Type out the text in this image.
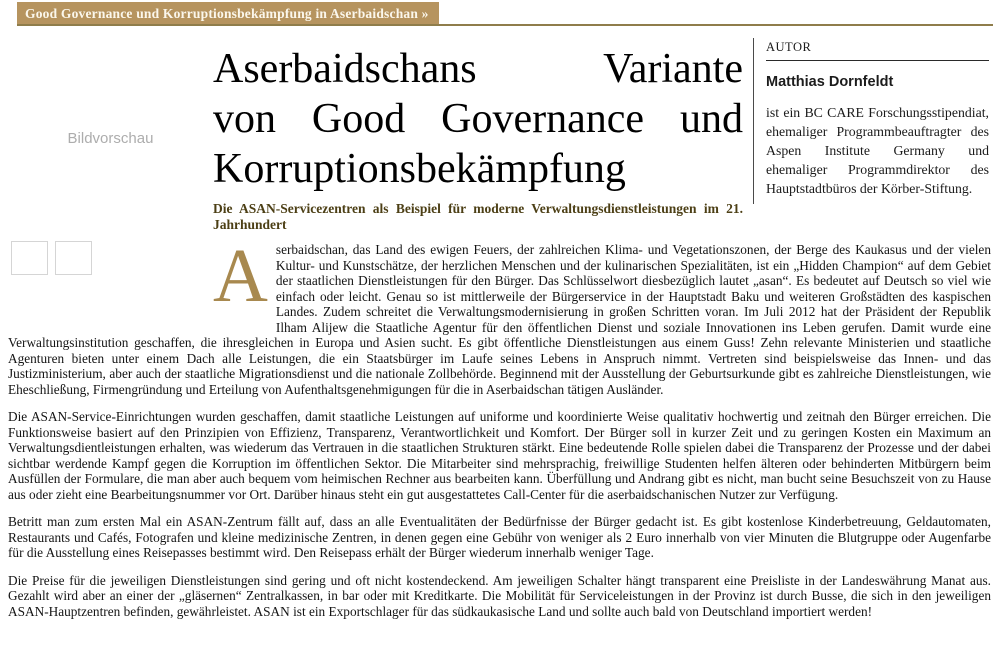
Good Governance und Korruptionsbekämpfung in Aserbaidschan »
Bildvorschau

AUTOR
Matthias Dornfeldt
ist ein BC CARE Forschungsstipendiat, ehemaliger Programmbeauftragter des Aspen Institute Germany und ehemaliger Programmdirektor des Hauptstadtbüros der Körber-Stiftung.
Aserbaidschans Variante
von Good Governance und
Korruptionsbekämpfung
Die ASAN-Servicezentren als Beispiel für moderne Verwaltungsdienstleistungen im 21. Jahrhundert

Aserbaidschan, das Land des ewigen Feuers, der zahlreichen Klima- und Vegetationszonen, der Berge des Kaukasus und der vielen Kultur- und Kunstschätze, der herzlichen Menschen und der kulinarischen Spezialitäten, ist ein „Hidden Champion“ auf dem Gebiet der staatlichen Dienstleistungen für den Bürger. Das Schlüsselwort diesbezüglich lautet „asan“. Es bedeutet auf Deutsch so viel wie einfach oder leicht. Genau so ist mittlerweile der Bürgerservice in der Hauptstadt Baku und weiteren Großstädten des kaspischen Landes. Zudem schreitet die Verwaltungsmodernisierung in großen Schritten voran. Im Juli 2012 hat der Präsident der Republik Ilham Alijew die Staatliche Agentur für den öffentlichen Dienst und soziale Innovationen ins Leben gerufen. Damit wurde eine Verwaltungsinstitution geschaffen, die ihresgleichen in Europa und Asien sucht. Es gibt öffentliche Dienstleistungen aus einem Guss! Zehn relevante Ministerien und staatliche Agenturen bieten unter einem Dach alle Leistungen, die ein Staatsbürger im Laufe seines Lebens in Anspruch nimmt. Vertreten sind beispielsweise das Innen- und das Justizministerium, aber auch der staatliche Migrationsdienst und die nationale Zollbehörde. Beginnend mit der Ausstellung der Geburtsurkunde gibt es zahlreiche Dienstleistungen, wie Eheschließung, Firmengründung und Erteilung von Aufenthaltsgenehmigungen für die in Aserbaidschan tätigen Ausländer.

Die ASAN-Service-Einrichtungen wurden geschaffen, damit staatliche Leistungen auf uniforme und koordinierte Weise qualitativ hochwertig und zeitnah den Bürger erreichen. Die Funktionsweise basiert auf den Prinzipien von Effizienz, Transparenz, Verantwortlichkeit und Komfort. Der Bürger soll in kurzer Zeit und zu geringen Kosten ein Maximum an Verwaltungsdientleistungen erhalten, was wiederum das Vertrauen in die staatlichen Strukturen stärkt. Eine bedeutende Rolle spielen dabei die Transparenz der Prozesse und der dabei sichtbar werdende Kampf gegen die Korruption im öffentlichen Sektor. Die Mitarbeiter sind mehrsprachig, freiwillige Studenten helfen älteren oder behinderten Mitbürgern beim Ausfüllen der Formulare, die man aber auch bequem vom heimischen Rechner aus bearbeiten kann. Überfüllung und Andrang gibt es nicht, man bucht seine Besuchszeit von zu Hause aus oder zieht eine Bearbeitungsnummer vor Ort. Darüber hinaus steht ein gut ausgestattetes Call-Center für die aserbaidschanischen Nutzer zur Verfügung.

Betritt man zum ersten Mal ein ASAN-Zentrum fällt auf, dass an alle Eventualitäten der Bedürfnisse der Bürger gedacht ist. Es gibt kostenlose Kinderbetreuung, Geldautomaten, Restaurants und Cafés, Fotografen und kleine medizinische Zentren, in denen gegen eine Gebühr von weniger als 2 Euro innerhalb von vier Minuten die Blutgruppe oder Augenfarbe für die Ausstellung eines Reisepasses bestimmt wird. Den Reisepass erhält der Bürger wiederum innerhalb weniger Tage.

Die Preise für die jeweiligen Dienstleistungen sind gering und oft nicht kostendeckend. Am jeweiligen Schalter hängt transparent eine Preisliste in der Landeswährung Manat aus. Gezahlt wird aber an einer der „gläsernen“ Zentralkassen, in bar oder mit Kreditkarte. Die Mobilität für Serviceleistungen in der Provinz ist durch Busse, die sich in den jeweiligen ASAN-Hauptzentren befinden, gewährleistet. ASAN ist ein Exportschlager für das südkaukasische Land und sollte auch bald von Deutschland importiert werden!
